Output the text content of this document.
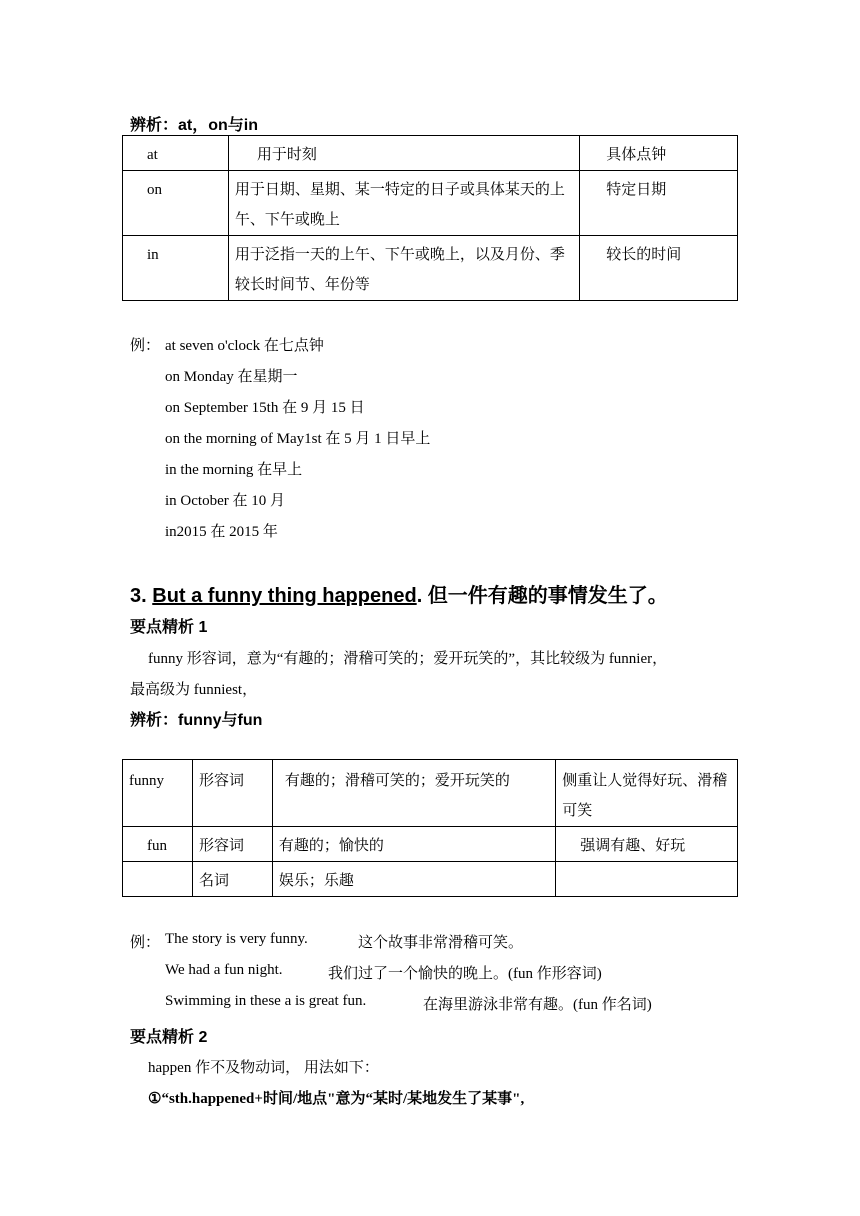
辨析：at，on与in
at	用于时刻	具体点钟
on	用于日期、星期、某一特定的日子或具体某天的上午、下午或晚上	特定日期
in	用于泛指一天的上午、下午或晚上，以及月份、季较长时间节、年份等	较长的时间
例： at seven o'clock 在七点钟
on Monday 在星期一
on September 15th 在 9 月 15 日
on the morning of May1st 在 5 月 1 日早上
in the morning 在早上
in October 在 10 月
in2015 在 2015 年
3. But a funny thing happened. 但一件有趣的事情发生了。
要点精析 1
funny 形容词，意为“有趣的；滑稽可笑的；爱开玩笑的”，其比较级为 funnier，
最高级为 funniest，
辨析：funny与fun
funny	形容词	有趣的；滑稽可笑的；爱开玩笑的	侧重让人觉得好玩、滑稽可笑
fun	形容词	有趣的；愉快的	强调有趣、好玩
	名词	娱乐；乐趣	
例： The story is very funny.	这个故事非常滑稽可笑。
We had a fun night.	我们过了一个愉快的晚上。(fun 作形容词)
Swimming in these a is great fun.	在海里游泳非常有趣。(fun 作名词)
要点精析 2
happen 作不及物动词， 用法如下：
①“sth.happened+时间/地点"意为“某时/某地发生了某事",
